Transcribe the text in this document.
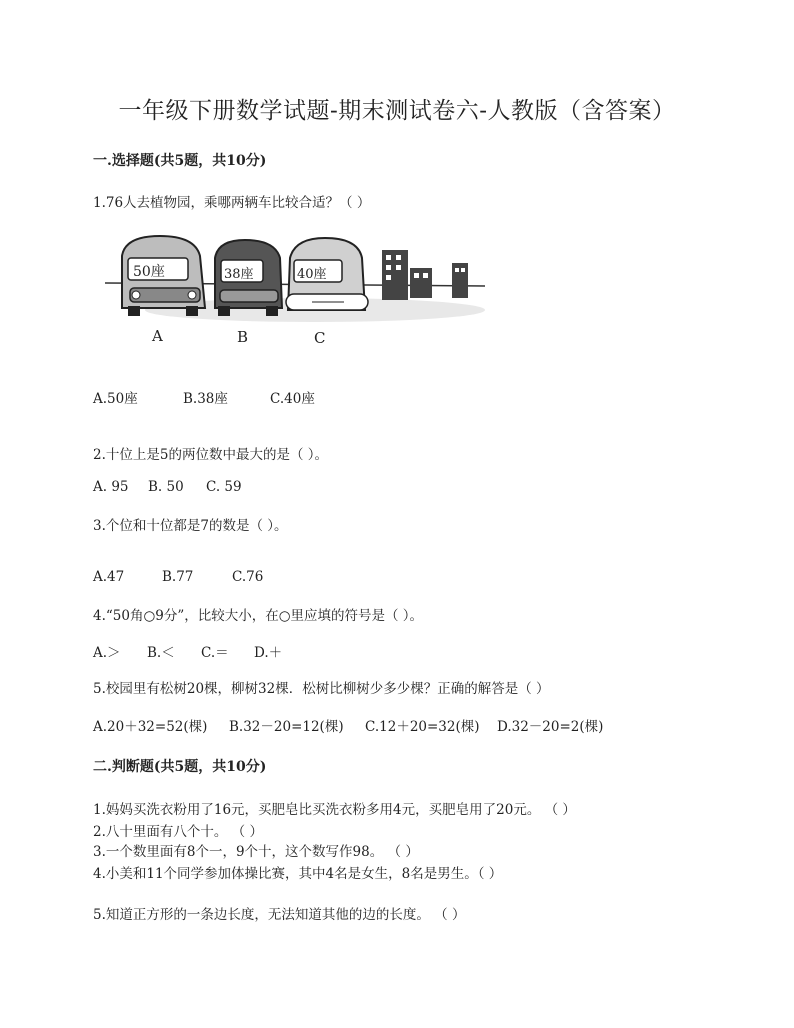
一年级下册数学试题-期末测试卷六-人教版（含答案）
一.选择题(共5题，共10分)
1.76人去植物园，乘哪两辆车比较合适？（ ）
50座	38座	40座
A	B	C
A.50座	B.38座	C.40座
2.十位上是5的两位数中最大的是（ ）。
A. 95 B. 50 C. 59
3.个位和十位都是7的数是（ ）。
A.47	B.77	C.76
4.“50角○9分”，比较大小，在○里应填的符号是（ ）。
A.＞ B.＜ C.＝ D.＋
5.校园里有松树20棵，柳树32棵．松树比柳树少多少棵？正确的解答是（ ）
A.20＋32=52(棵) B.32－20=12(棵) C.12＋20=32(棵) D.32－20=2(棵)
二.判断题(共5题，共10分)
1.妈妈买洗衣粉用了16元，买肥皂比买洗衣粉多用4元，买肥皂用了20元。 （ ）
2.八十里面有八个十。 （ ）
3.一个数里面有8个一，9个十，这个数写作98。 （ ）
4.小美和11个同学参加体操比赛，其中4名是女生，8名是男生。（ ）
5.知道正方形的一条边长度，无法知道其他的边的长度。 （ ）
